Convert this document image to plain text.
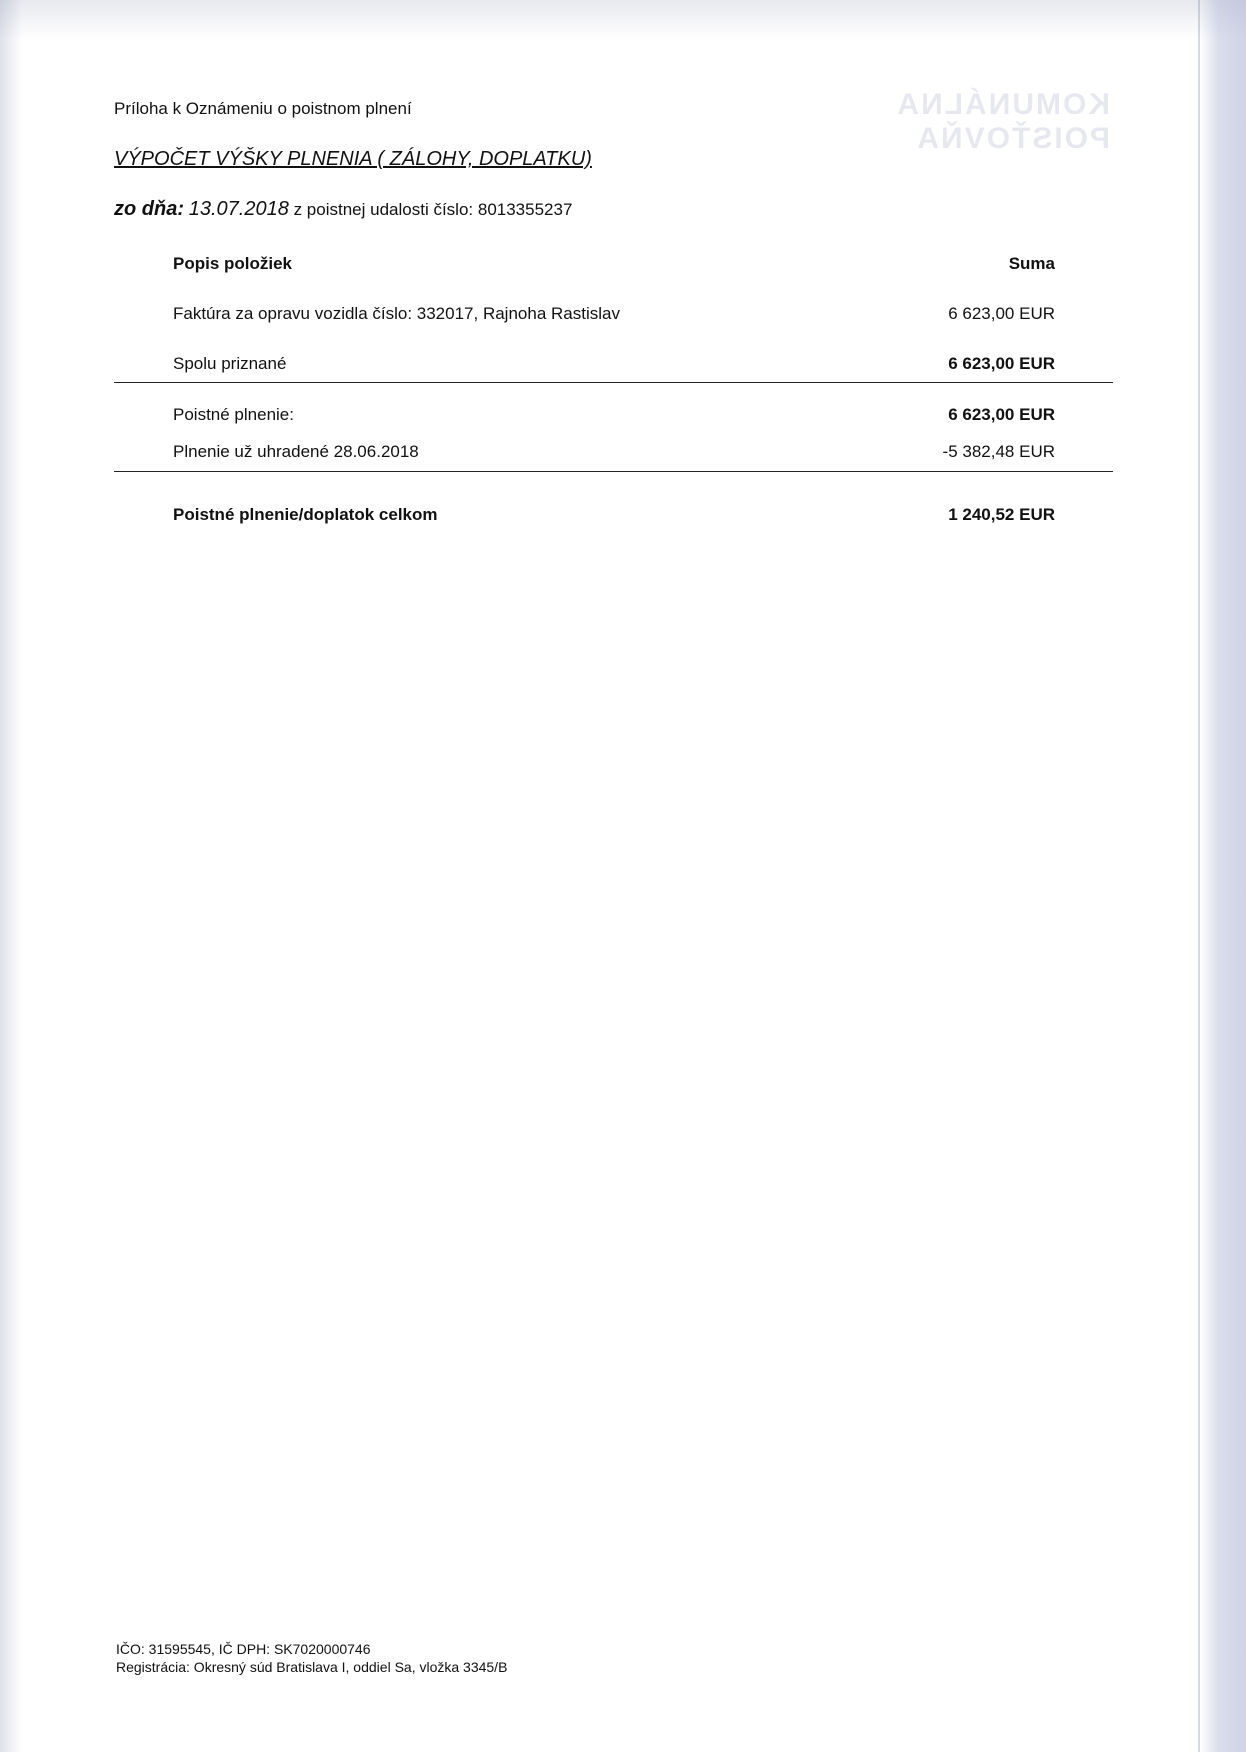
KOMUNÁLNA
POISŤOVŇA
Príloha k Oznámeniu o poistnom plnení
VÝPOČET VÝŠKY PLNENIA ( ZÁLOHY, DOPLATKU)
zo dňa: 13.07.2018 z poistnej udalosti číslo: 8013355237
Popis položiek	Suma
Faktúra za opravu vozidla číslo: 332017, Rajnoha Rastislav	6 623,00 EUR
Spolu priznané	6 623,00 EUR
Poistné plnenie:	6 623,00 EUR
Plnenie už uhradené 28.06.2018	-5 382,48 EUR
Poistné plnenie/doplatok celkom	1 240,52 EUR
IČO: 31595545, IČ DPH: SK7020000746
Registrácia: Okresný súd Bratislava I, oddiel Sa, vložka 3345/B
